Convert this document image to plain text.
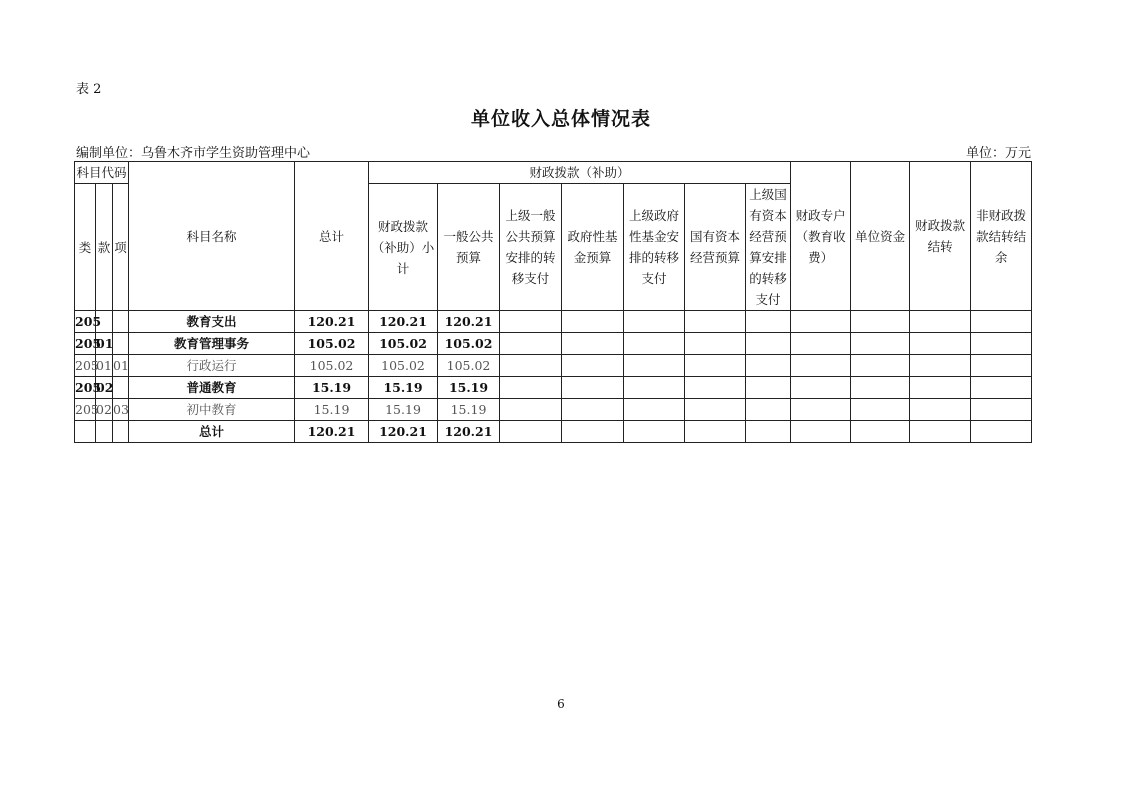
表 2
单位收入总体情况表
编制单位：乌鲁木齐市学生资助管理中心	单位：万元
科目代码			科目名称	总计	财政拨款（补助）							财政专户（教育收费）	单位资金	财政拨款结转	非财政拨款结转结余
类	款	项			财政拨款（补助）小计	一般公共预算	上级一般公共预算安排的转移支付	政府性基金预算	上级政府性基金安排的转移支付	国有资本经营预算	上级国有资本经营预算安排的转移支付				
205			教育支出	120.21	120.21	120.21									
205	01		教育管理事务	105.02	105.02	105.02									
205	01	01	行政运行	105.02	105.02	105.02									
205	02		普通教育	15.19	15.19	15.19									
205	02	03	初中教育	15.19	15.19	15.19									
			总计	120.21	120.21	120.21									
6
